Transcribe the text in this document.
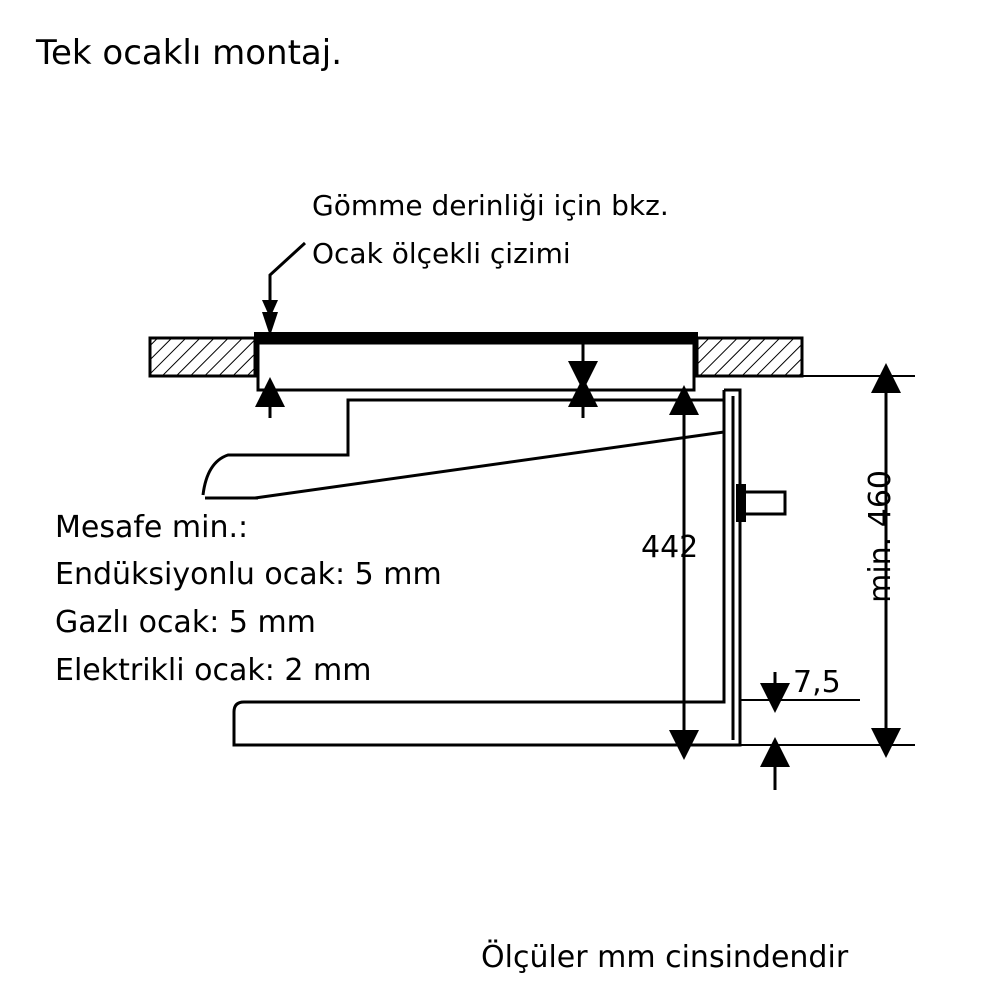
Tek ocaklı montaj.
Gömme derinliği için bkz.
Ocak ölçekli çizimi
Mesafe min.:
Endüksiyonlu ocak: 5 mm
Gazlı ocak: 5 mm
Elektrikli ocak: 2 mm
442
7,5
min. 460
Ölçüler mm cinsindendir
